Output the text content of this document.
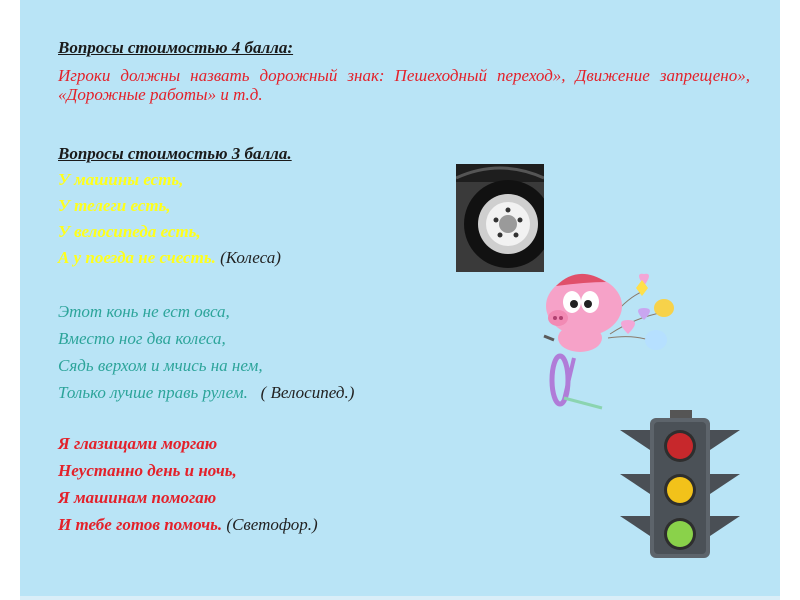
Вопросы стоимостью 4 балла:

Игроки должны назвать дорожный знак: Пешеходный переход», Движение запрещено», «Дорожные работы» и т.д.

Вопросы стоимостью 3 балла.

У машины есть,

У телеги есть,

У велосипеда есть,

А у поезда не счесть. (Колеса)

Этот конь не ест овса,

Вместо ног два колеса,

Сядь верхом и мчись на нем,

Только лучше правь рулем. ( Велосипед.)

Я глазищами моргаю

Неустанно день и ночь,

Я машинам помогаю

И тебе готов помочь. (Светофор.)
